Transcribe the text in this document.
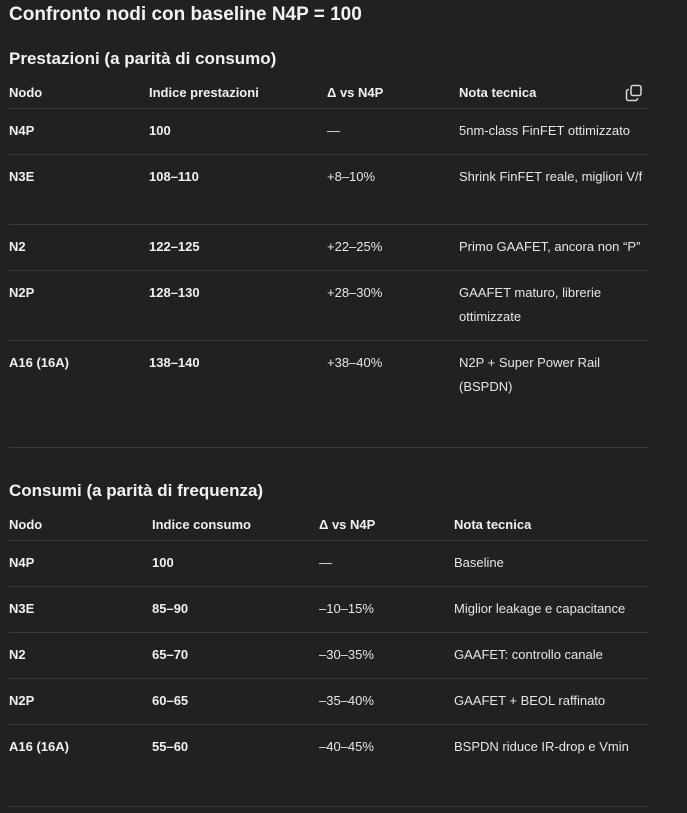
Confronto nodi con baseline N4P = 100
Prestazioni (a parità di consumo)
Nodo	Indice prestazioni	Δ vs N4P	Nota tecnica
N4P	100	—	5nm-class FinFET ottimizzato
N3E	108–110	+8–10%	Shrink FinFET reale, migliori V/f
N2	122–125	+22–25%	Primo GAAFET, ancora non “P”
N2P	128–130	+28–30%	GAAFET maturo, librerie ottimizzate
A16 (16A)	138–140	+38–40%	N2P + Super Power Rail (BSPDN)
Consumi (a parità di frequenza)
Nodo	Indice consumo	Δ vs N4P	Nota tecnica
N4P	100	—	Baseline
N3E	85–90	–10–15%	Miglior leakage e capacitance
N2	65–70	–30–35%	GAAFET: controllo canale
N2P	60–65	–35–40%	GAAFET + BEOL raffinato
A16 (16A)	55–60	–40–45%	BSPDN riduce IR-drop e Vmin
